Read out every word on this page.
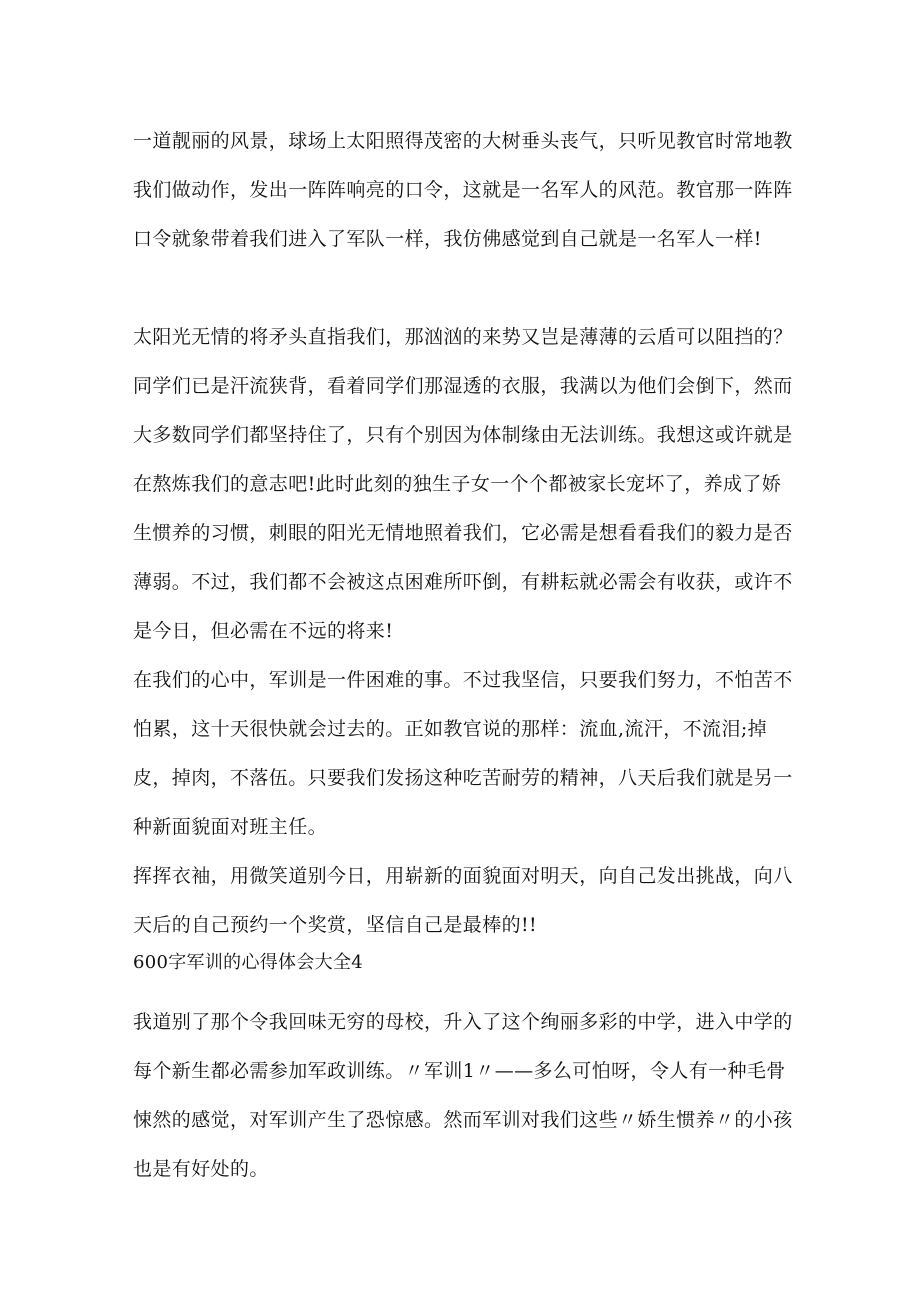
一道靓丽的风景，球场上太阳照得茂密的大树垂头丧气，只听见教官时常地教我们做动作，发出一阵阵响亮的口令，这就是一名军人的风范。教官那一阵阵口令就象带着我们进入了军队一样，我仿佛感觉到自己就是一名军人一样!

太阳光无情的将矛头直指我们，那汹汹的来势又岂是薄薄的云盾可以阻挡的？同学们已是汗流狭背，看着同学们那湿透的衣服，我满以为他们会倒下，然而大多数同学们都坚持住了，只有个别因为体制缘由无法训练。我想这或许就是在熬炼我们的意志吧!此时此刻的独生子女一个个都被家长宠坏了，养成了娇生惯养的习惯，刺眼的阳光无情地照着我们，它必需是想看看我们的毅力是否薄弱。不过，我们都不会被这点困难所吓倒，有耕耘就必需会有收获，或许不是今日，但必需在不远的将来!

在我们的心中，军训是一件困难的事。不过我坚信，只要我们努力，不怕苦不怕累，这十天很快就会过去的。正如教官说的那样：流血,流汗，不流泪;掉皮，掉肉，不落伍。只要我们发扬这种吃苦耐劳的精神，八天后我们就是另一种新面貌面对班主任。

挥挥衣袖，用微笑道别今日，用崭新的面貌面对明天，向自己发出挑战，向八天后的自己预约一个奖赏，坚信自己是最棒的!!

600字军训的心得体会大全4

我道别了那个令我回味无穷的母校，升入了这个绚丽多彩的中学，进入中学的每个新生都必需参加军政训练。〃军训1〃——多么可怕呀，令人有一种毛骨悚然的感觉，对军训产生了恐惊感。然而军训对我们这些〃娇生惯养〃的小孩也是有好处的。
